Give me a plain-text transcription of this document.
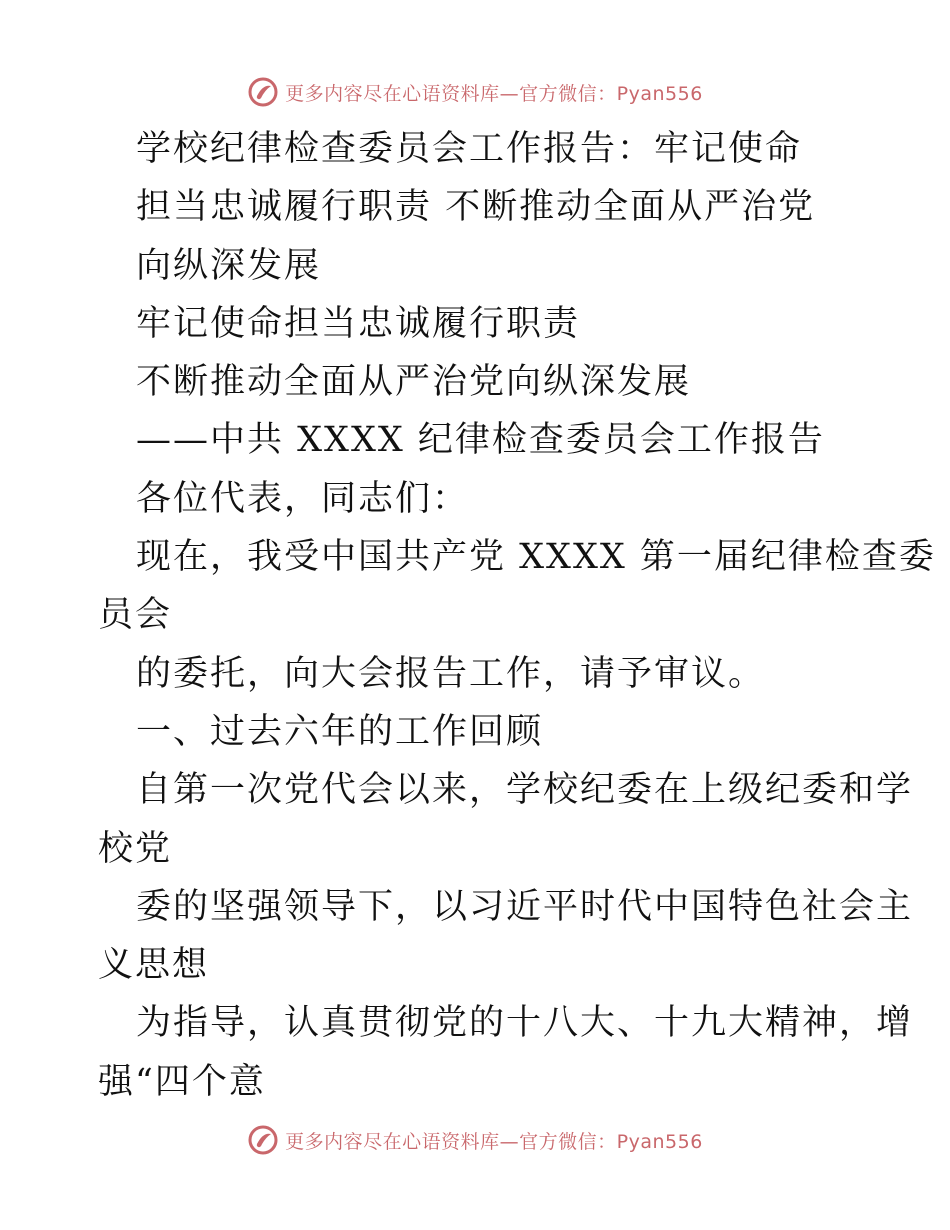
更多内容尽在心语资料库—官方微信：Pyan556
学校纪律检查委员会工作报告：牢记使命
担当忠诚履行职责 不断推动全面从严治党
向纵深发展
牢记使命担当忠诚履行职责
不断推动全面从严治党向纵深发展
——中共 XXXX 纪律检查委员会工作报告
各位代表，同志们：
现在，我受中国共产党 XXXX 第一届纪律检查委
员会
的委托，向大会报告工作，请予审议。
一、过去六年的工作回顾
自第一次党代会以来，学校纪委在上级纪委和学
校党
委的坚强领导下，以习近平时代中国特色社会主
义思想
为指导，认真贯彻党的十八大、十九大精神，增
强“四个意
更多内容尽在心语资料库—官方微信：Pyan556
